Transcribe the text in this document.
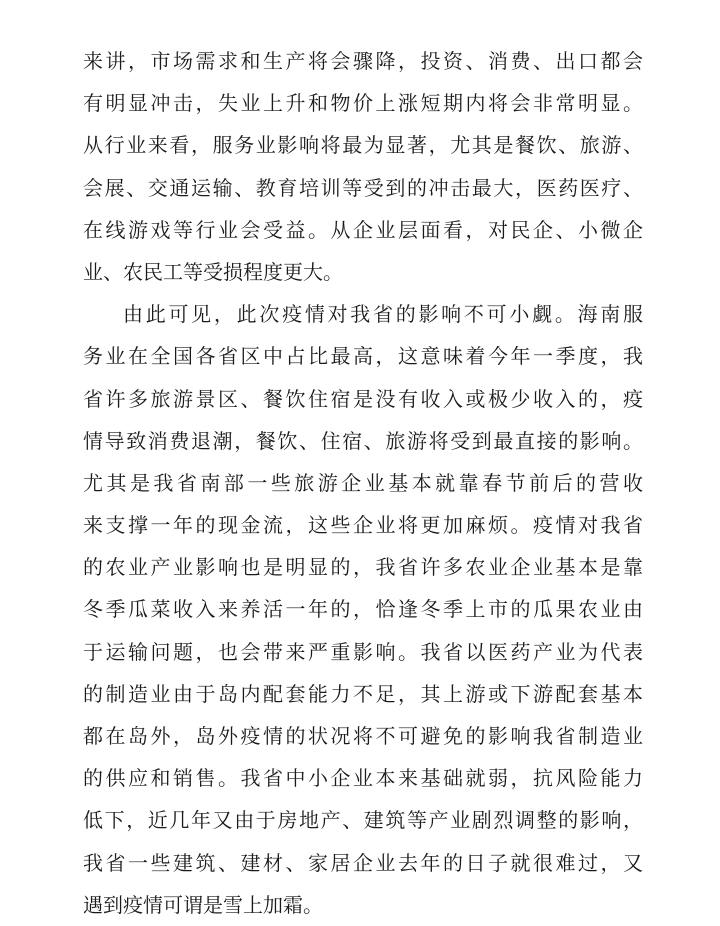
来讲，市场需求和生产将会骤降，投资、消费、出口都会
有明显冲击，失业上升和物价上涨短期内将会非常明显。
从行业来看，服务业影响将最为显著，尤其是餐饮、旅游、
会展、交通运输、教育培训等受到的冲击最大，医药医疗、
在线游戏等行业会受益。从企业层面看，对民企、小微企
业、农民工等受损程度更大。
由此可见，此次疫情对我省的影响不可小觑。海南服
务业在全国各省区中占比最高，这意味着今年一季度，我
省许多旅游景区、餐饮住宿是没有收入或极少收入的，疫
情导致消费退潮，餐饮、住宿、旅游将受到最直接的影响。
尤其是我省南部一些旅游企业基本就靠春节前后的营收
来支撑一年的现金流，这些企业将更加麻烦。疫情对我省
的农业产业影响也是明显的，我省许多农业企业基本是靠
冬季瓜菜收入来养活一年的，恰逢冬季上市的瓜果农业由
于运输问题，也会带来严重影响。我省以医药产业为代表
的制造业由于岛内配套能力不足，其上游或下游配套基本
都在岛外，岛外疫情的状况将不可避免的影响我省制造业
的供应和销售。我省中小企业本来基础就弱，抗风险能力
低下，近几年又由于房地产、建筑等产业剧烈调整的影响，
我省一些建筑、建材、家居企业去年的日子就很难过，又
遇到疫情可谓是雪上加霜。
